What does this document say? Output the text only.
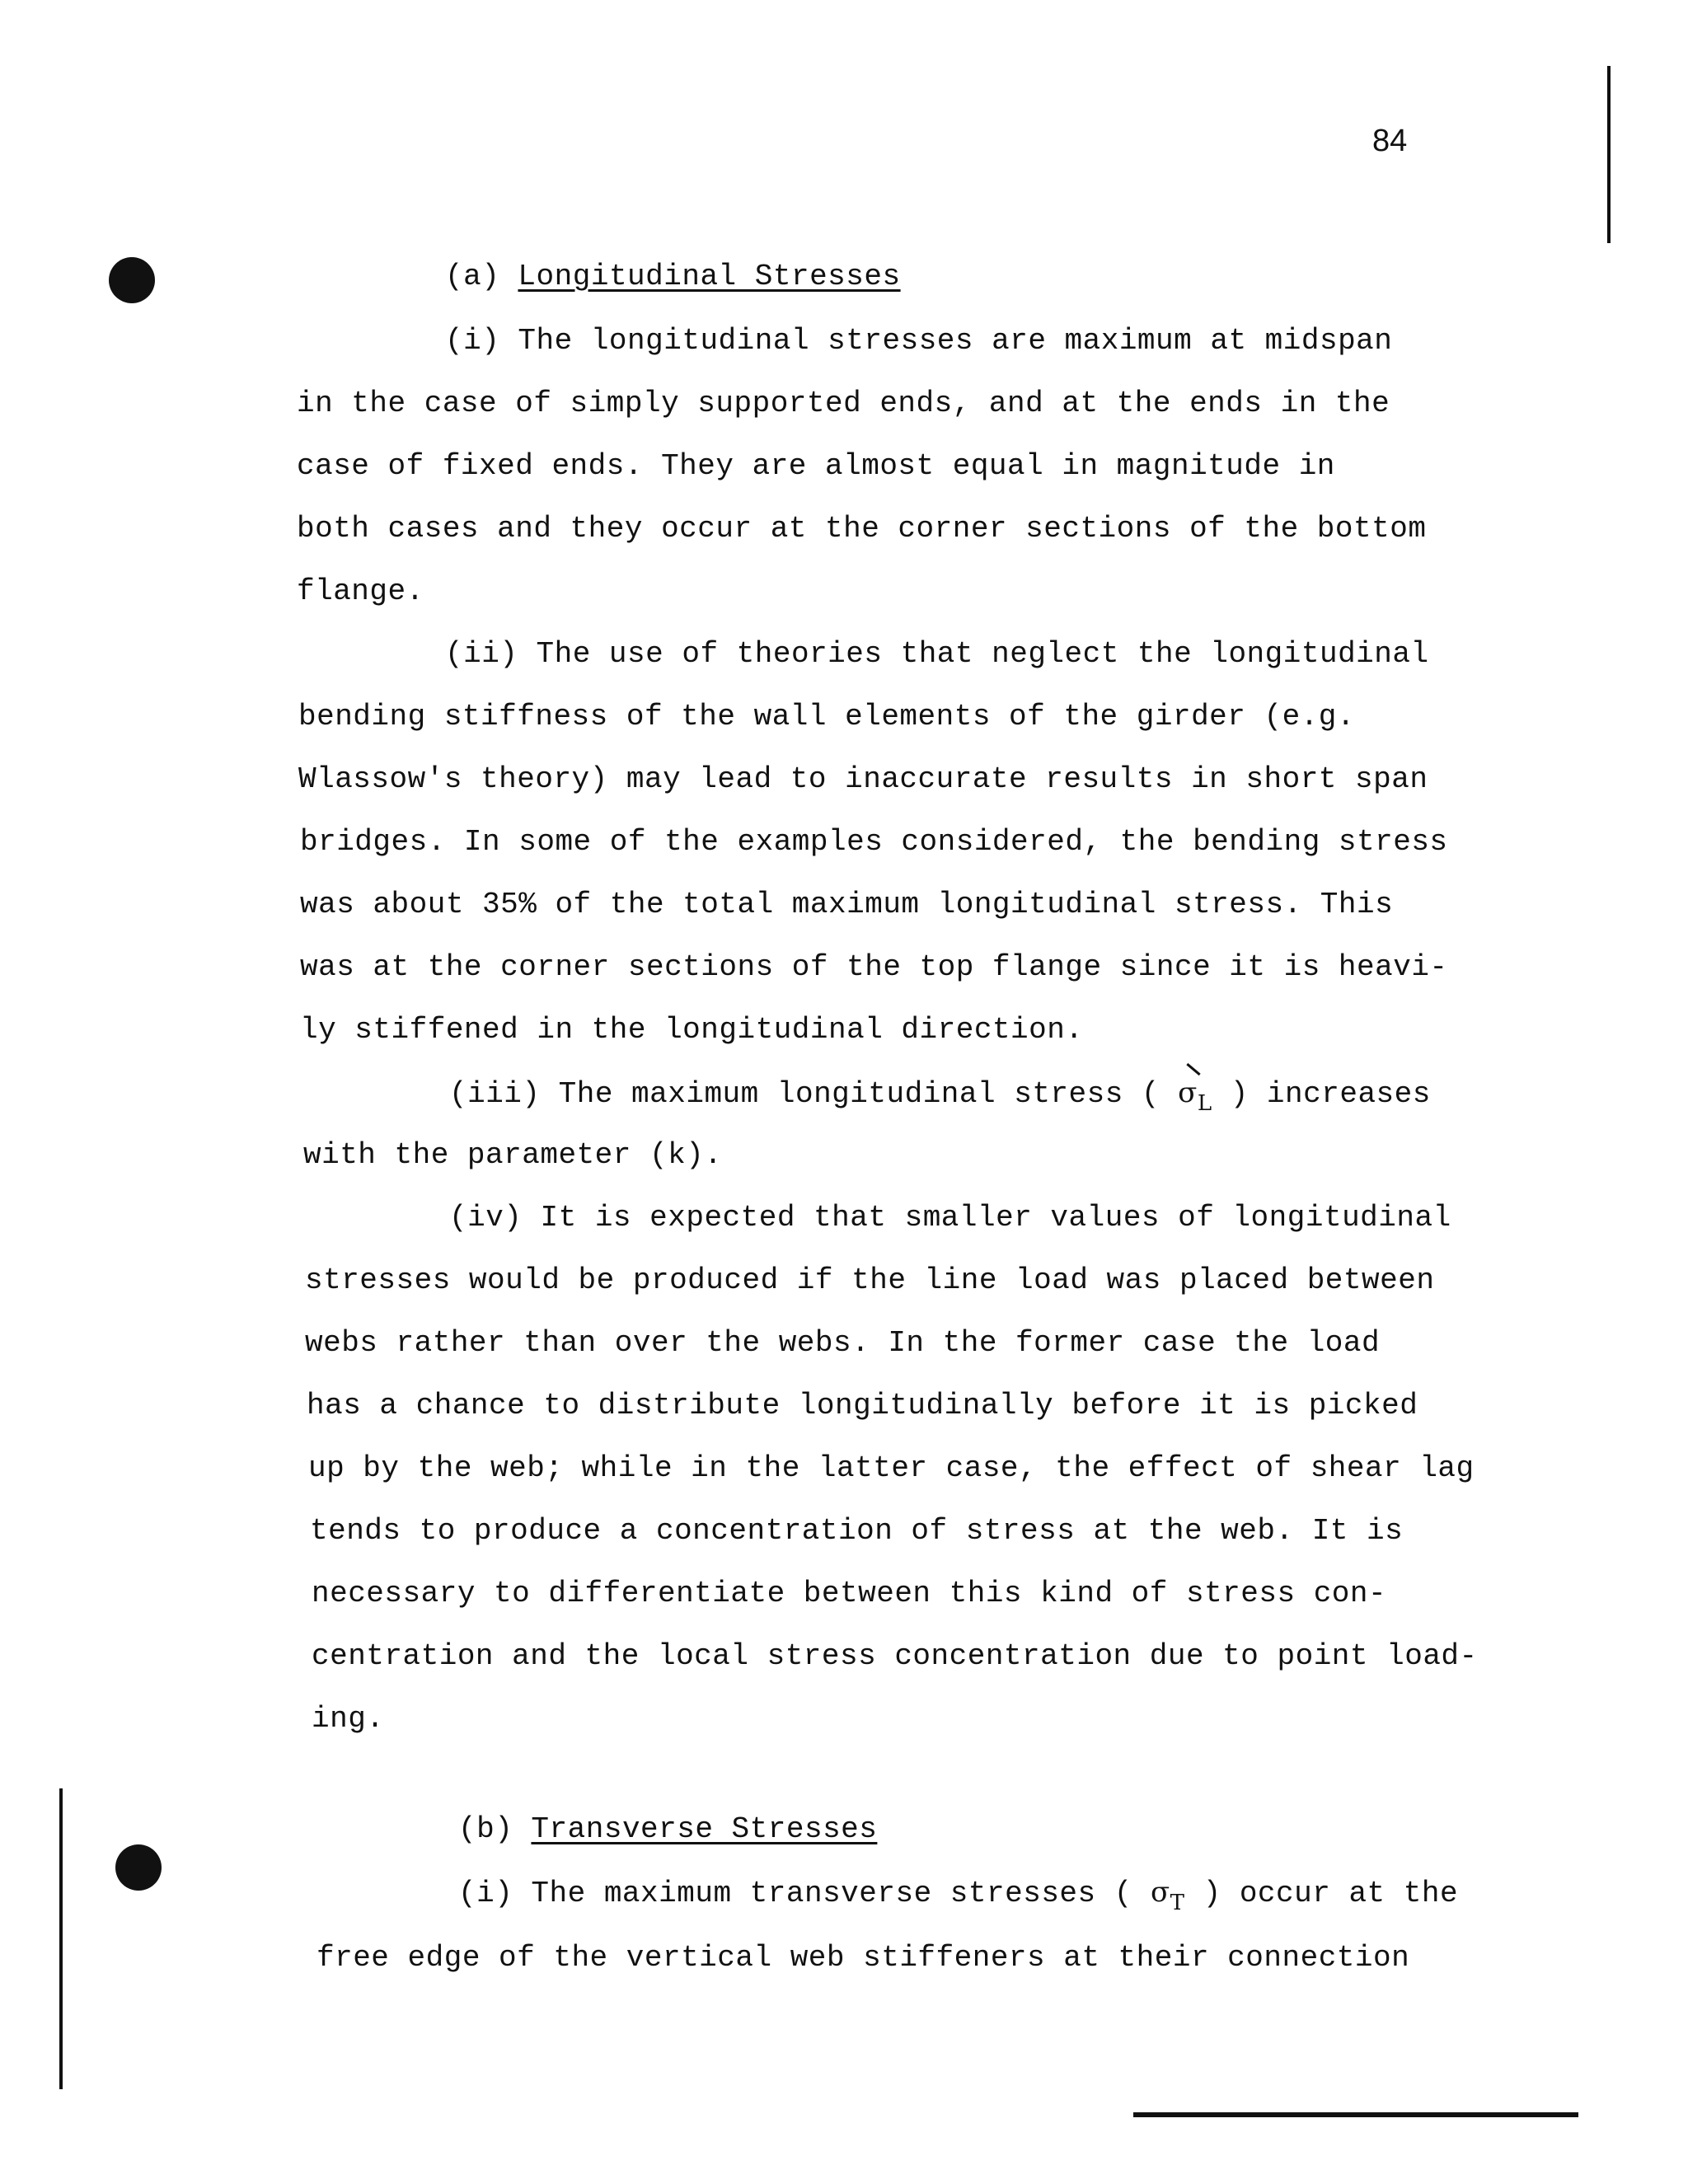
84
(a) Longitudinal Stresses
(i) The longitudinal stresses are maximum at midspan
in the case of simply supported ends, and at the ends in the
case of fixed ends. They are almost equal in magnitude in
both cases and they occur at the corner sections of the bottom
flange.
(ii) The use of theories that neglect the longitudinal
bending stiffness of the wall elements of the girder (e.g.
Wlassow's theory) may lead to inaccurate results in short span
bridges. In some of the examples considered, the bending stress
was about 35% of the total maximum longitudinal stress. This
was at the corner sections of the top flange since it is heavi-
ly stiffened in the longitudinal direction.
(iii) The maximum longitudinal stress ( $\sigma_L$ ) increases
with the parameter (k).
(iv) It is expected that smaller values of longitudinal
stresses would be produced if the line load was placed between
webs rather than over the webs. In the former case the load
has a chance to distribute longitudinally before it is picked
up by the web; while in the latter case, the effect of shear lag
tends to produce a concentration of stress at the web. It is
necessary to differentiate between this kind of stress con-
centration and the local stress concentration due to point load-
ing.
(b) Transverse Stresses
(i) The maximum transverse stresses ( $\sigma_T$ ) occur at the
free edge of the vertical web stiffeners at their connection
